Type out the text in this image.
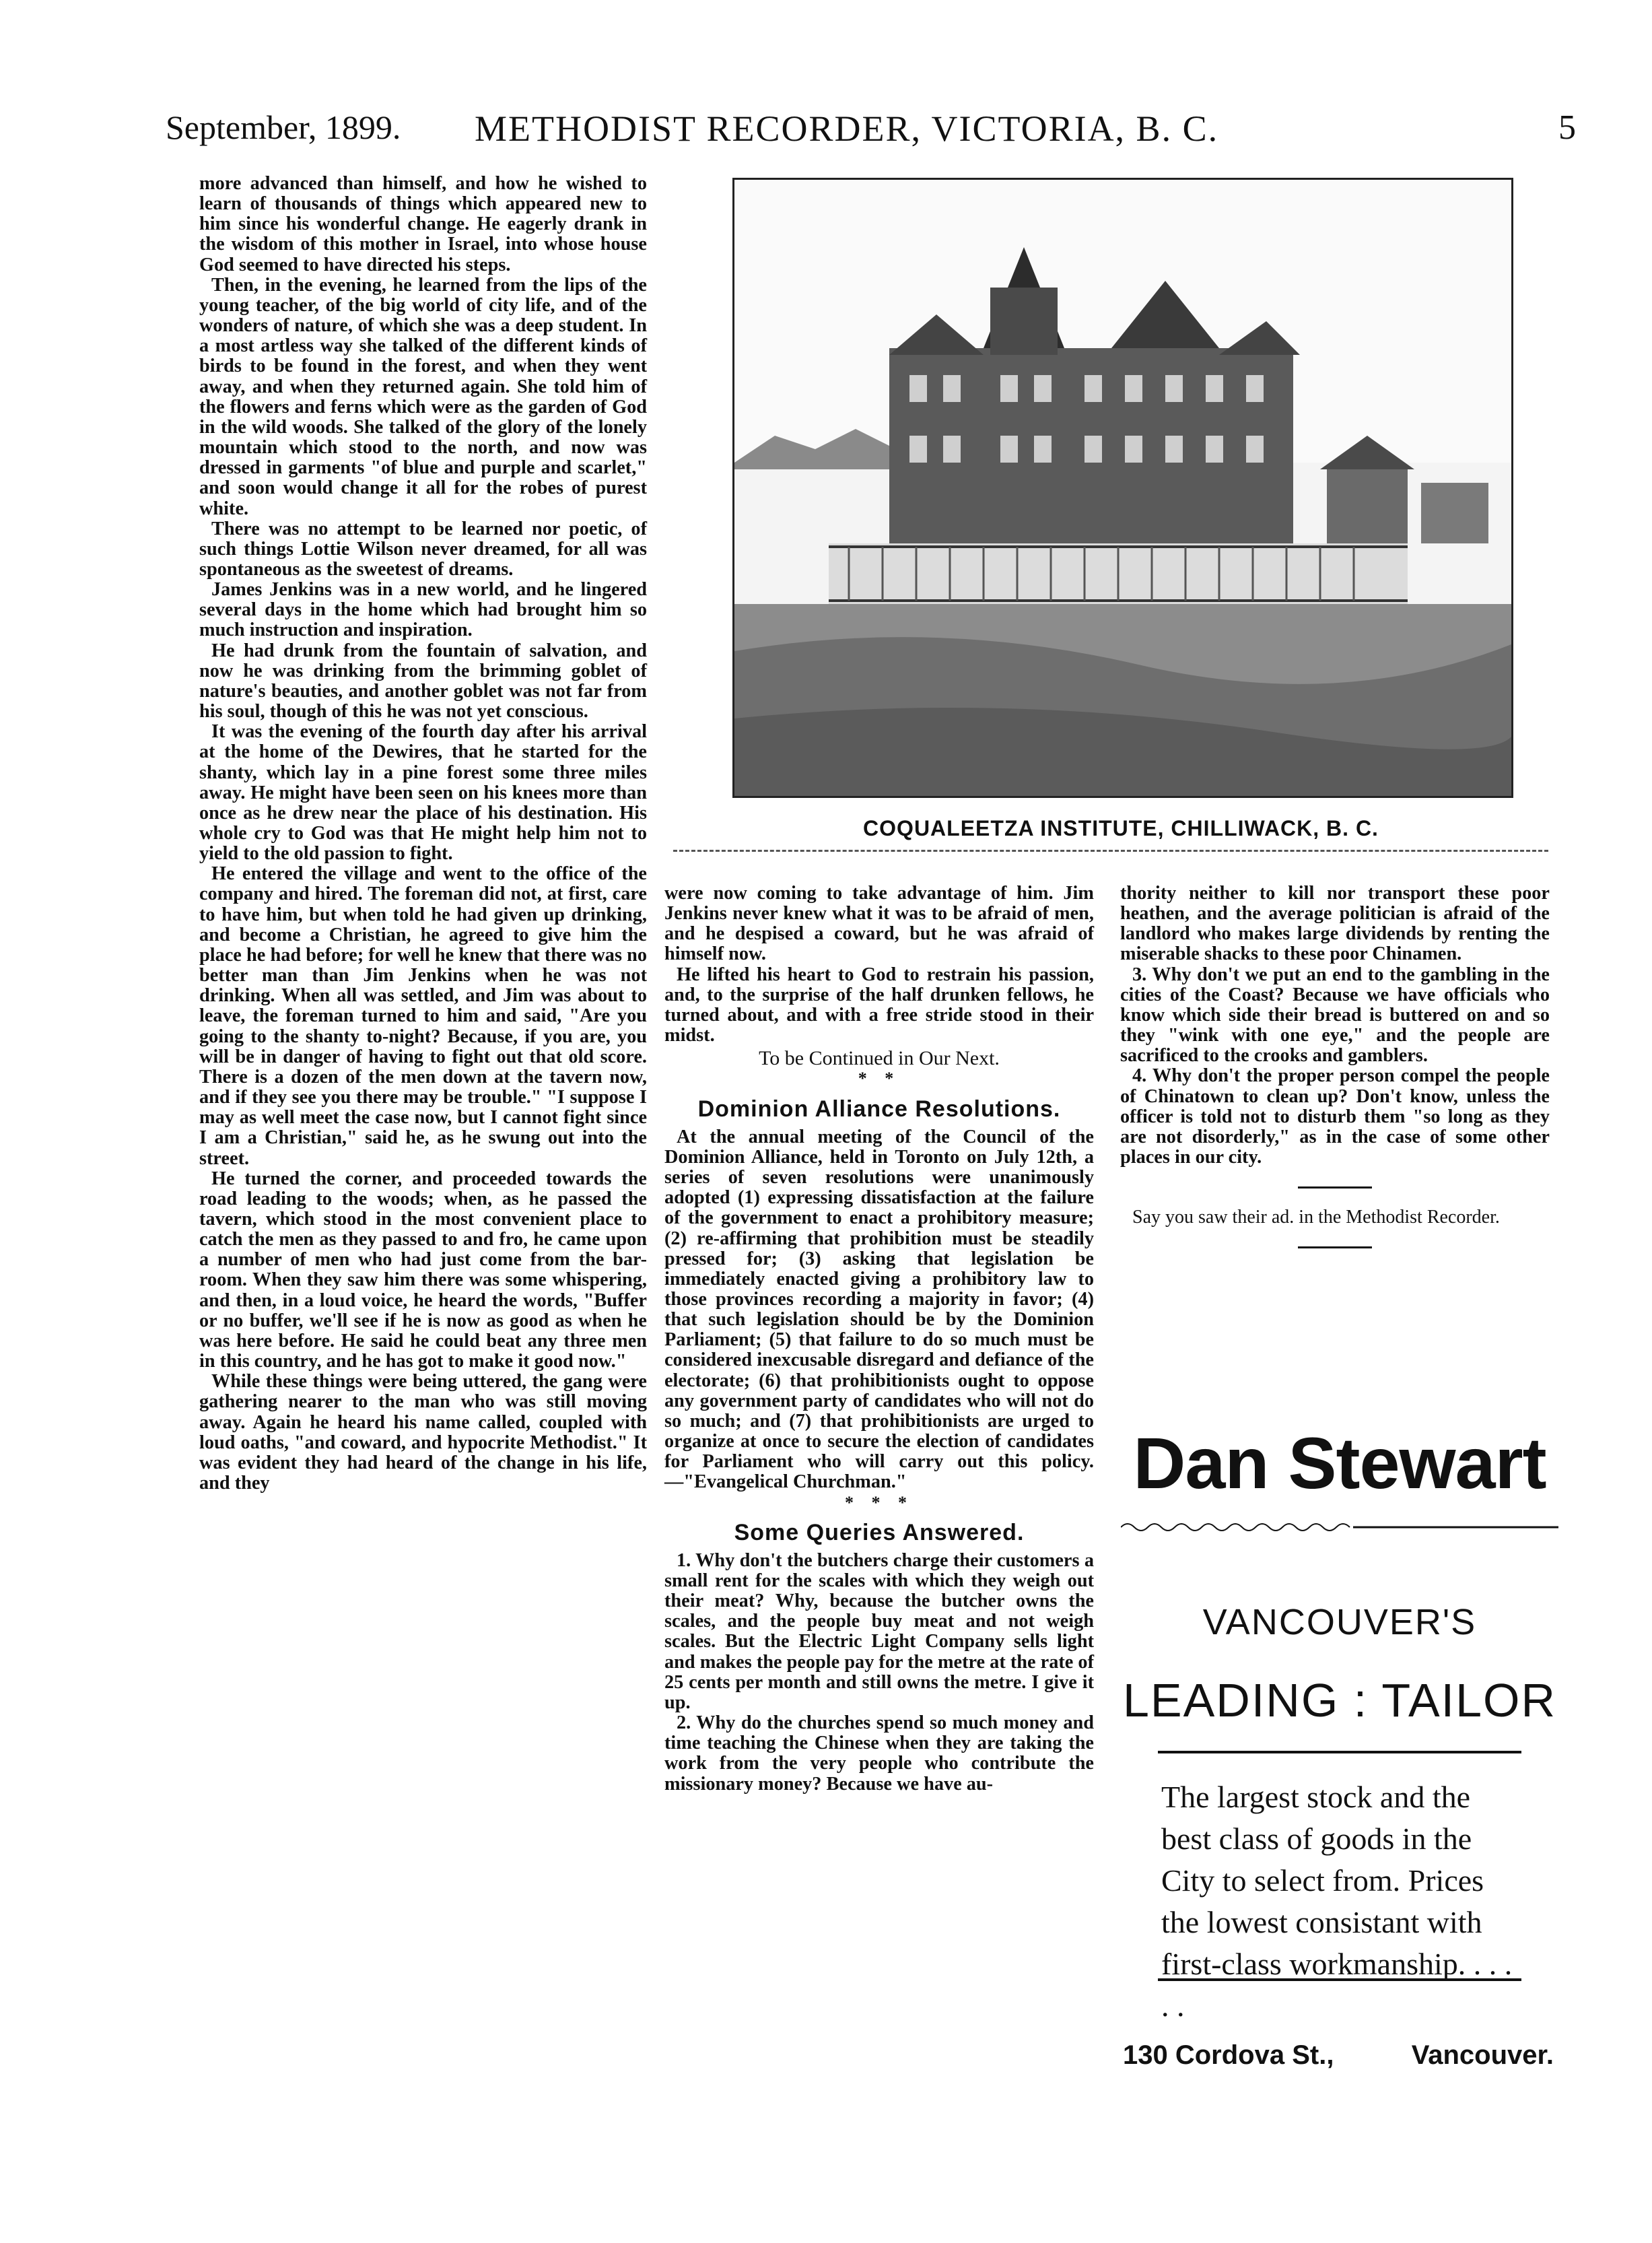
September, 1899. METHODIST RECORDER, VICTORIA, B. C.	5

more advanced than himself, and how he wished to learn of thousands of things which appeared new to him since his wonderful change. He eagerly drank in the wisdom of this mother in Israel, into whose house God seemed to have directed his steps.

Then, in the evening, he learned from the lips of the young teacher, of the big world of city life, and of the wonders of nature, of which she was a deep student. In a most artless way she talked of the different kinds of birds to be found in the forest, and when they went away, and when they returned again. She told him of the flowers and ferns which were as the garden of God in the wild woods. She talked of the glory of the lonely mountain which stood to the north, and now was dressed in garments "of blue and purple and scarlet," and soon would change it all for the robes of purest white.

There was no attempt to be learned nor poetic, of such things Lottie Wilson never dreamed, for all was spontaneous as the sweetest of dreams.

James Jenkins was in a new world, and he lingered several days in the home which had brought him so much instruction and inspiration.

He had drunk from the fountain of salvation, and now he was drinking from the brimming goblet of nature's beauties, and another goblet was not far from his soul, though of this he was not yet conscious.

It was the evening of the fourth day after his arrival at the home of the Dewires, that he started for the shanty, which lay in a pine forest some three miles away. He might have been seen on his knees more than once as he drew near the place of his destination. His whole cry to God was that He might help him not to yield to the old passion to fight.

He entered the village and went to the office of the company and hired. The foreman did not, at first, care to have him, but when told he had given up drinking, and become a Christian, he agreed to give him the place he had before; for well he knew that there was no better man than Jim Jenkins when he was not drinking. When all was settled, and Jim was about to leave, the foreman turned to him and said, "Are you going to the shanty to-night? Because, if you are, you will be in danger of having to fight out that old score. There is a dozen of the men down at the tavern now, and if they see you there may be trouble." "I suppose I may as well meet the case now, but I cannot fight since I am a Christian," said he, as he swung out into the street.

He turned the corner, and proceeded towards the road leading to the woods; when, as he passed the tavern, which stood in the most convenient place to catch the men as they passed to and fro, he came upon a number of men who had just come from the bar-room. When they saw him there was some whispering, and then, in a loud voice, he heard the words, "Buffer or no buffer, we'll see if he is now as good as when he was here before. He said he could beat any three men in this country, and he has got to make it good now."

While these things were being uttered, the gang were gathering nearer to the man who was still moving away. Again he heard his name called, coupled with loud oaths, "and coward, and hypocrite Methodist." It was evident they had heard of the change in his life, and they

COQUALEETZA INSTITUTE, CHILLIWACK, B. C.

were now coming to take advantage of him. Jim Jenkins never knew what it was to be afraid of men, and he despised a coward, but he was afraid of himself now.

He lifted his heart to God to restrain his passion, and, to the surprise of the half drunken fellows, he turned about, and with a free stride stood in their midst.

To be Continued in Our Next.

* *

Dominion Alliance Resolutions.

At the annual meeting of the Council of the Dominion Alliance, held in Toronto on July 12th, a series of seven resolutions were unanimously adopted (1) expressing dissatisfaction at the failure of the government to enact a prohibitory measure; (2) re-affirming that prohibition must be steadily pressed for; (3) asking that legislation be immediately enacted giving a prohibitory law to those provinces recording a majority in favor; (4) that such legislation should be by the Dominion Parliament; (5) that failure to do so much must be considered inexcusable disregard and defiance of the electorate; (6) that prohibitionists ought to oppose any government party of candidates who will not do so much; and (7) that prohibitionists are urged to organize at once to secure the election of candidates for Parliament who will carry out this policy.—"Evangelical Churchman."

* * *

Some Queries Answered.

1. Why don't the butchers charge their customers a small rent for the scales with which they weigh out their meat? Why, because the butcher owns the scales, and the people buy meat and not weigh scales. But the Electric Light Company sells light and makes the people pay for the metre at the rate of 25 cents per month and still owns the metre. I give it up.

2. Why do the churches spend so much money and time teaching the Chinese when they are taking the work from the very people who contribute the missionary money? Because we have au-

thority neither to kill nor transport these poor heathen, and the average politician is afraid of the landlord who makes large dividends by renting the miserable shacks to these poor Chinamen.

3. Why don't we put an end to the gambling in the cities of the Coast? Because we have officials who know which side their bread is buttered on and so they "wink with one eye," and the people are sacrificed to the crooks and gamblers.

4. Why don't the proper person compel the people of Chinatown to clean up? Don't know, unless the officer is told not to disturb them "so long as they are not disorderly," as in the case of some other places in our city.

Say you saw their ad. in the Methodist Recorder.

Dan Stewart
VANCOUVER'S
LEADING : TAILOR
The largest stock and the best class of goods in the City to select from. Prices the lowest consistant with first-class workmanship. . . . . .
130 Cordova St.,	Vancouver.
